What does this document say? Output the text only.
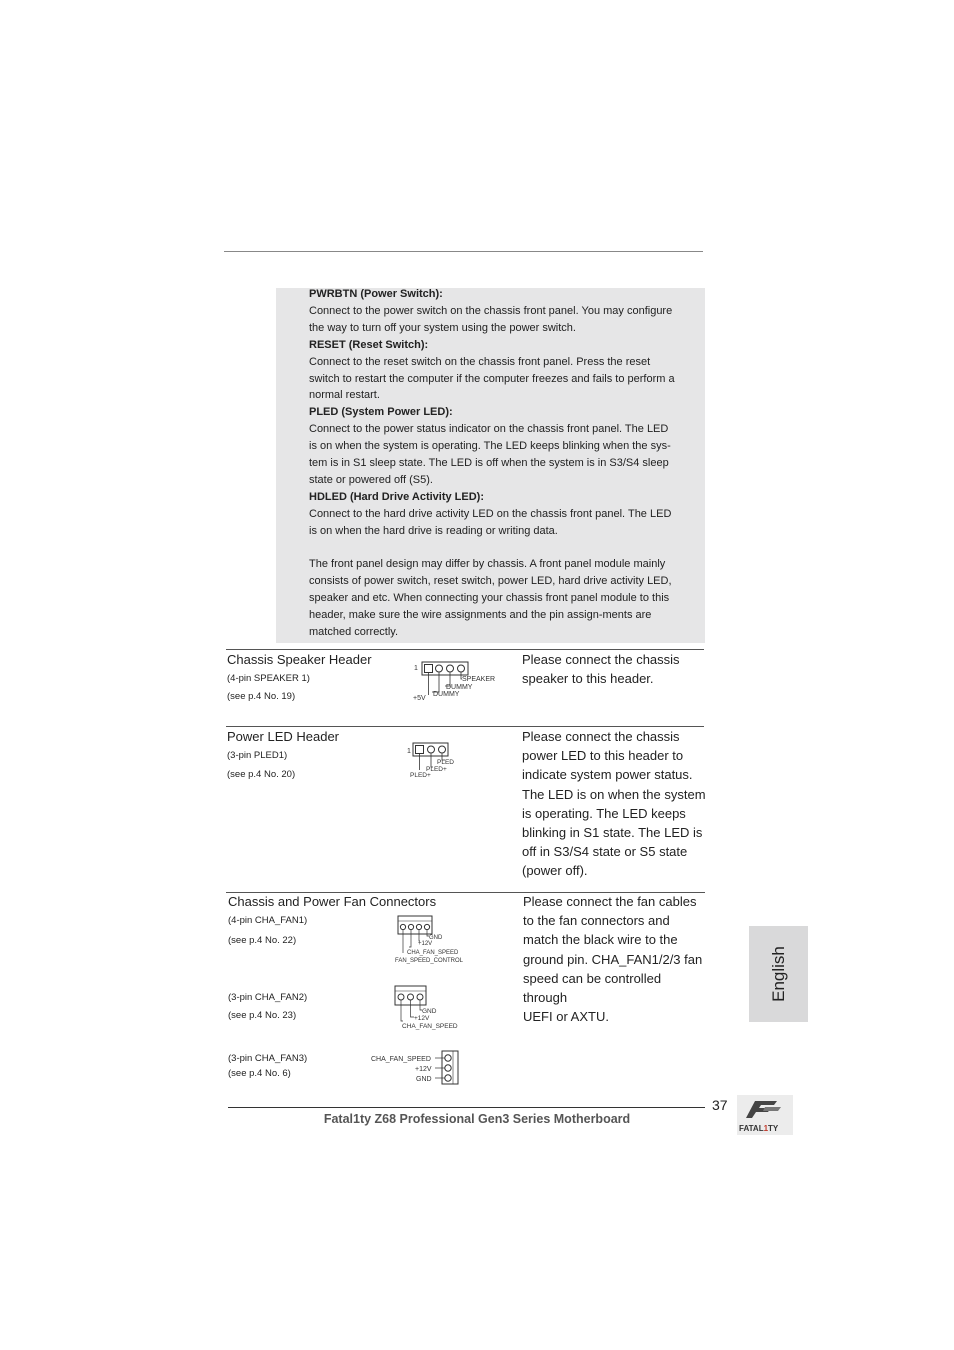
PWRBTN (Power Switch):

Connect to the power switch on the chassis front panel. You may configure

the way to turn off your system using the power switch.

RESET (Reset Switch):

Connect to the reset switch on the chassis front panel. Press the reset

switch to restart the computer if the computer freezes and fails to perform a

normal restart.

PLED (System Power LED):

Connect to the power status indicator on the chassis front panel. The LED

is on when the system is operating. The LED keeps blinking when the sys-

tem is in S1 sleep state. The LED is off when the system is in S3/S4 sleep

state or powered off (S5).

HDLED (Hard Drive Activity LED):

Connect to the hard drive activity LED on the chassis front panel. The LED

is on when the hard drive is reading or writing data.

The front panel design may differ by chassis. A front panel module mainly

consists of power switch, reset switch, power LED, hard drive activity LED,

speaker and etc. When connecting your chassis front panel module to this

header, make sure the wire assignments and the pin assign-ments are

matched correctly.

Chassis Speaker Header
(4-pin SPEAKER 1)
(see p.4 No. 19)
1
SPEAKER
DUMMY
DUMMY
+5V
Please connect the chassis
speaker to this header.
Power LED Header
(3-pin PLED1)
(see p.4 No. 20)
1
PLED
PLED+
PLED+
Please connect the chassis
power LED to this header to
indicate system power status.
The LED is on when the system
is operating. The LED keeps
blinking in S1 state. The LED is
off in S3/S4 state or S5 state
(power off).
Chassis and Power Fan Connectors
(4-pin CHA_FAN1)
(see p.4 No. 22)
(3-pin CHA_FAN2)
(see p.4 No. 23)
(3-pin CHA_FAN3)
(see p.4 No. 6)
GND
+12V
CHA_FAN_SPEED
FAN_SPEED_CONTROL
GND
+12V
CHA_FAN_SPEED
CHA_FAN_SPEED
+12V
GND
Please connect the fan cables
to the fan connectors and
match the black wire to the
ground pin. CHA_FAN1/2/3 fan
speed can be controlled through
UEFI or AXTU.
English
37
Fatal1ty Z68 Professional Gen3 Series Motherboard
FATAL1TY
